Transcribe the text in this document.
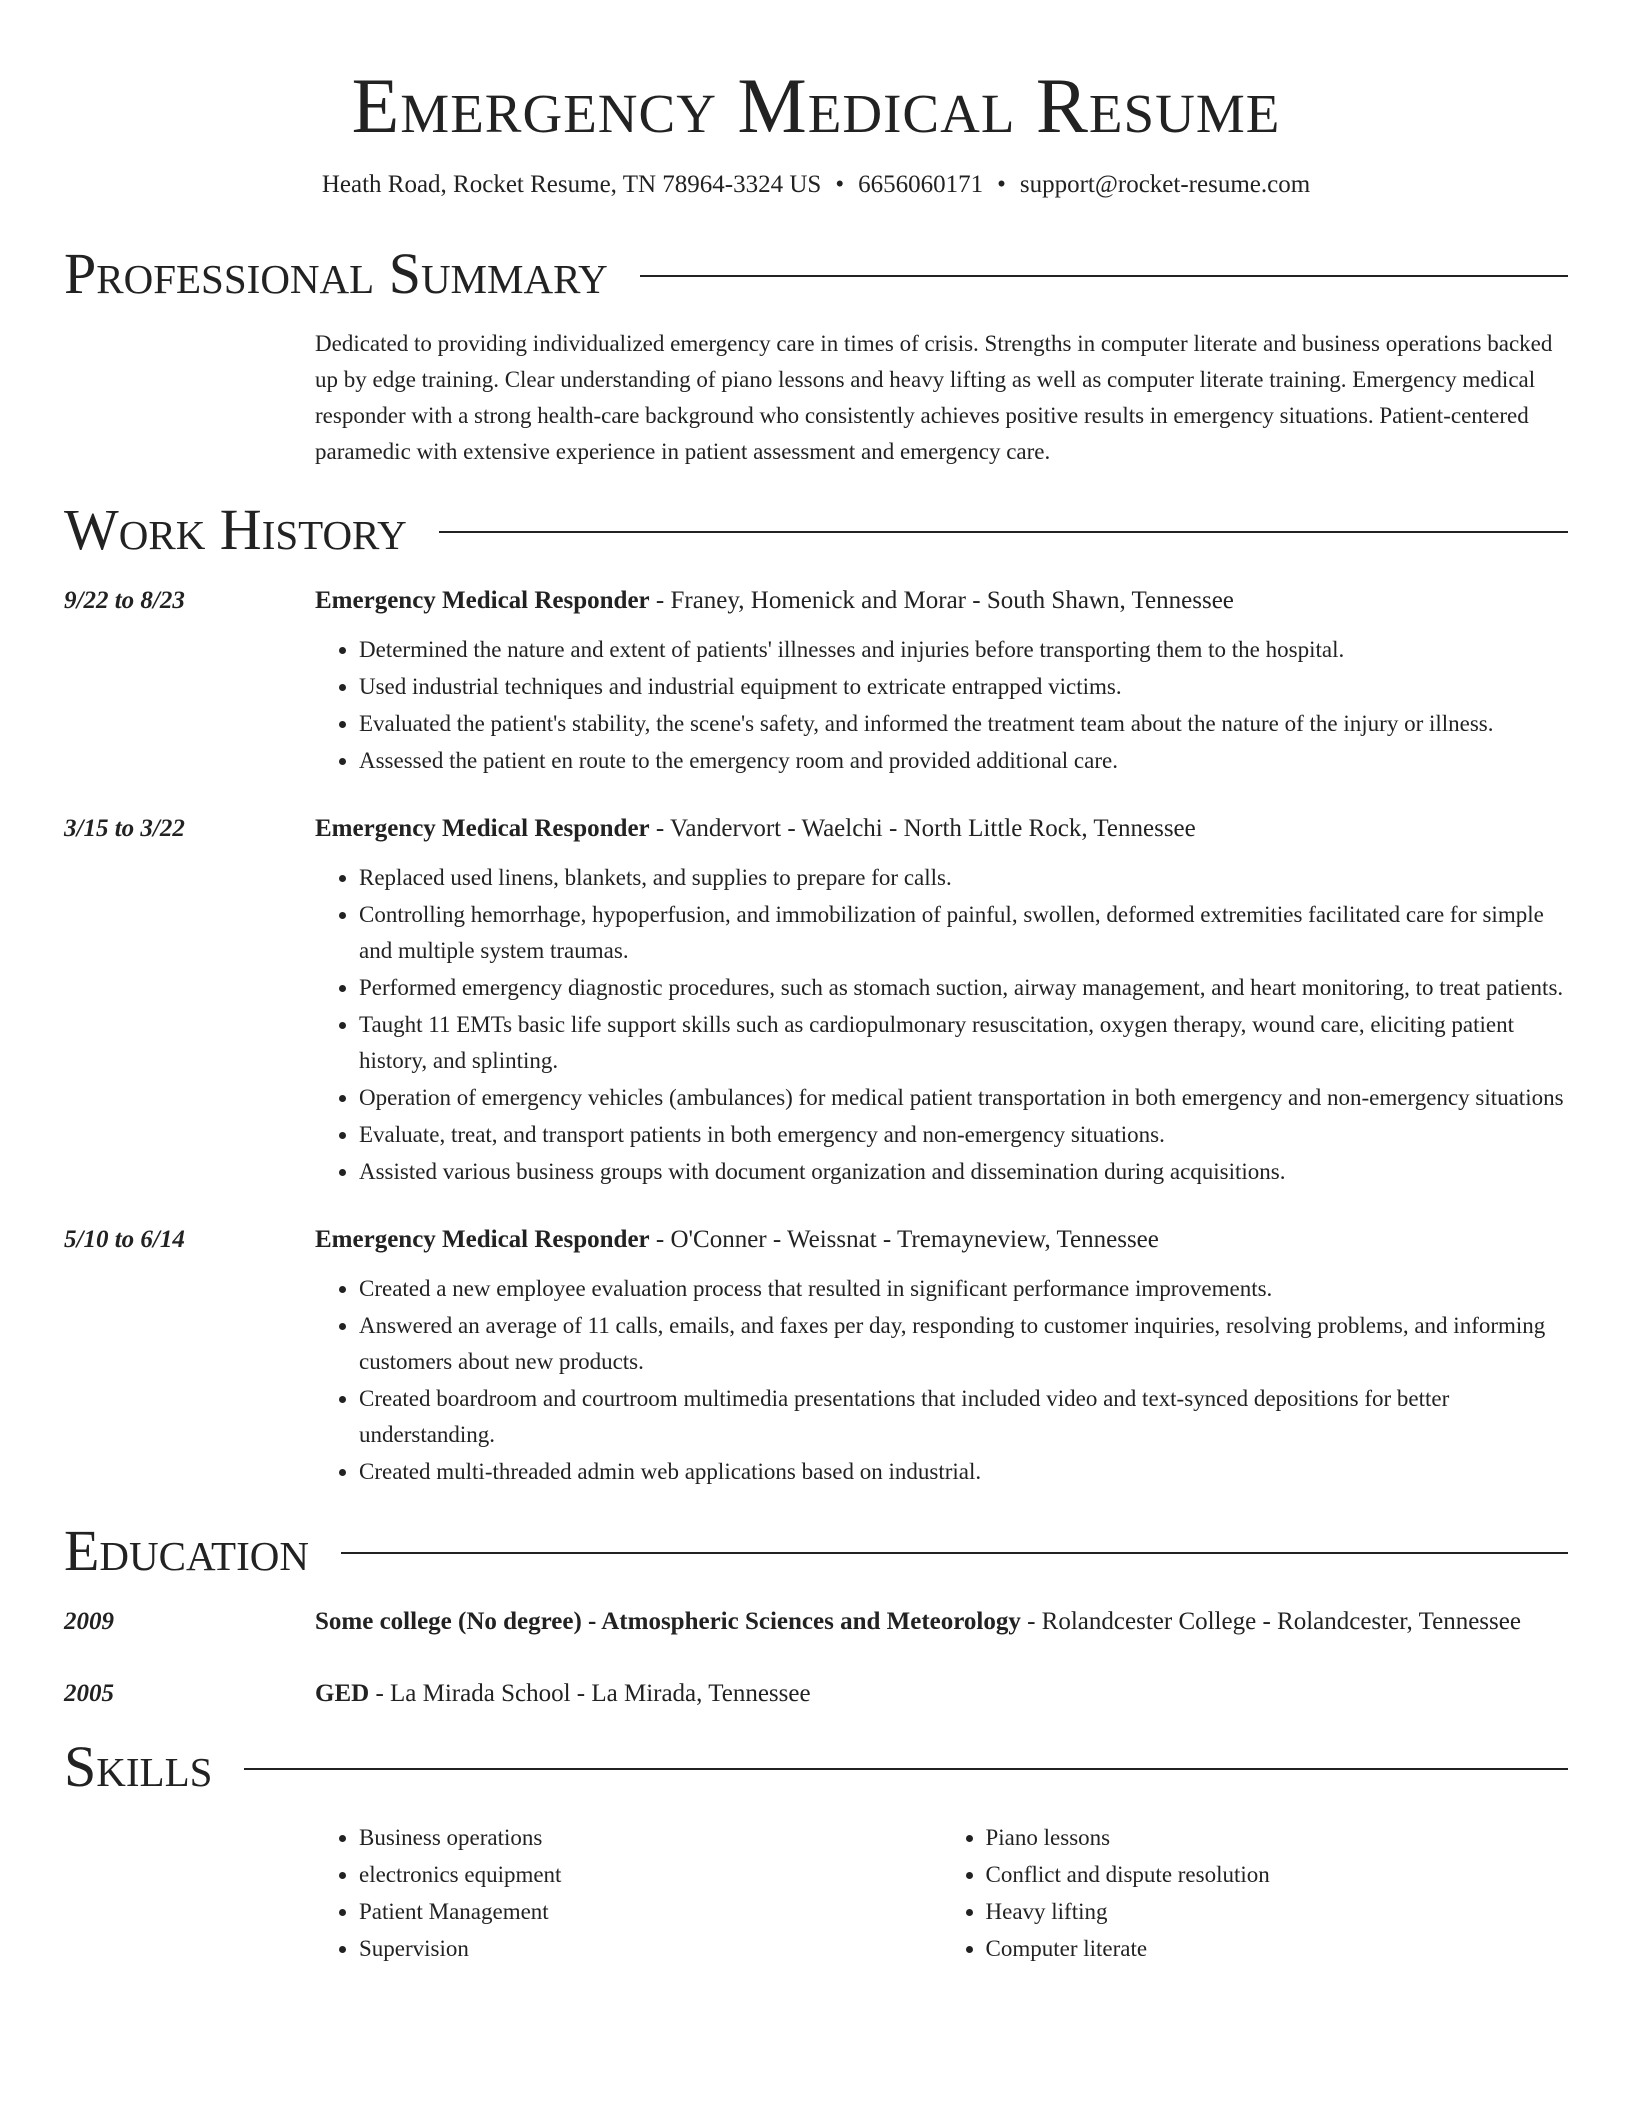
Emergency Medical Resume
Heath Road, Rocket Resume, TN 78964-3324 US • 6656060171 • support@rocket-resume.com
Professional Summary

Dedicated to providing individualized emergency care in times of crisis. Strengths in computer literate and business operations backed up by edge training. Clear understanding of piano lessons and heavy lifting as well as computer literate training. Emergency medical responder with a strong health-care background who consistently achieves positive results in emergency situations. Patient-centered paramedic with extensive experience in patient assessment and emergency care.

Work History
9/22 to 8/23	Emergency Medical Responder - Franey, Homenick and Morar - South Shawn, Tennessee
• Determined the nature and extent of patients' illnesses and injuries before transporting them to the hospital.
• Used industrial techniques and industrial equipment to extricate entrapped victims.
• Evaluated the patient's stability, the scene's safety, and informed the treatment team about the nature of the injury or illness.
• Assessed the patient en route to the emergency room and provided additional care.
3/15 to 3/22	Emergency Medical Responder - Vandervort - Waelchi - North Little Rock, Tennessee
• Replaced used linens, blankets, and supplies to prepare for calls.
• Controlling hemorrhage, hypoperfusion, and immobilization of painful, swollen, deformed extremities facilitated care for simple and multiple system traumas.
• Performed emergency diagnostic procedures, such as stomach suction, airway management, and heart monitoring, to treat patients.
• Taught 11 EMTs basic life support skills such as cardiopulmonary resuscitation, oxygen therapy, wound care, eliciting patient history, and splinting.
• Operation of emergency vehicles (ambulances) for medical patient transportation in both emergency and non-emergency situations
• Evaluate, treat, and transport patients in both emergency and non-emergency situations.
• Assisted various business groups with document organization and dissemination during acquisitions.
5/10 to 6/14	Emergency Medical Responder - O'Conner - Weissnat - Tremayneview, Tennessee
• Created a new employee evaluation process that resulted in significant performance improvements.
• Answered an average of 11 calls, emails, and faxes per day, responding to customer inquiries, resolving problems, and informing customers about new products.
• Created boardroom and courtroom multimedia presentations that included video and text-synced depositions for better understanding.
• Created multi-threaded admin web applications based on industrial.
Education
2009	Some college (No degree) - Atmospheric Sciences and Meteorology - Rolandcester College - Rolandcester, Tennessee
2005	GED - La Mirada School - La Mirada, Tennessee
Skills
• Business operations
• electronics equipment
• Patient Management
• Supervision
• Piano lessons
• Conflict and dispute resolution
• Heavy lifting
• Computer literate
